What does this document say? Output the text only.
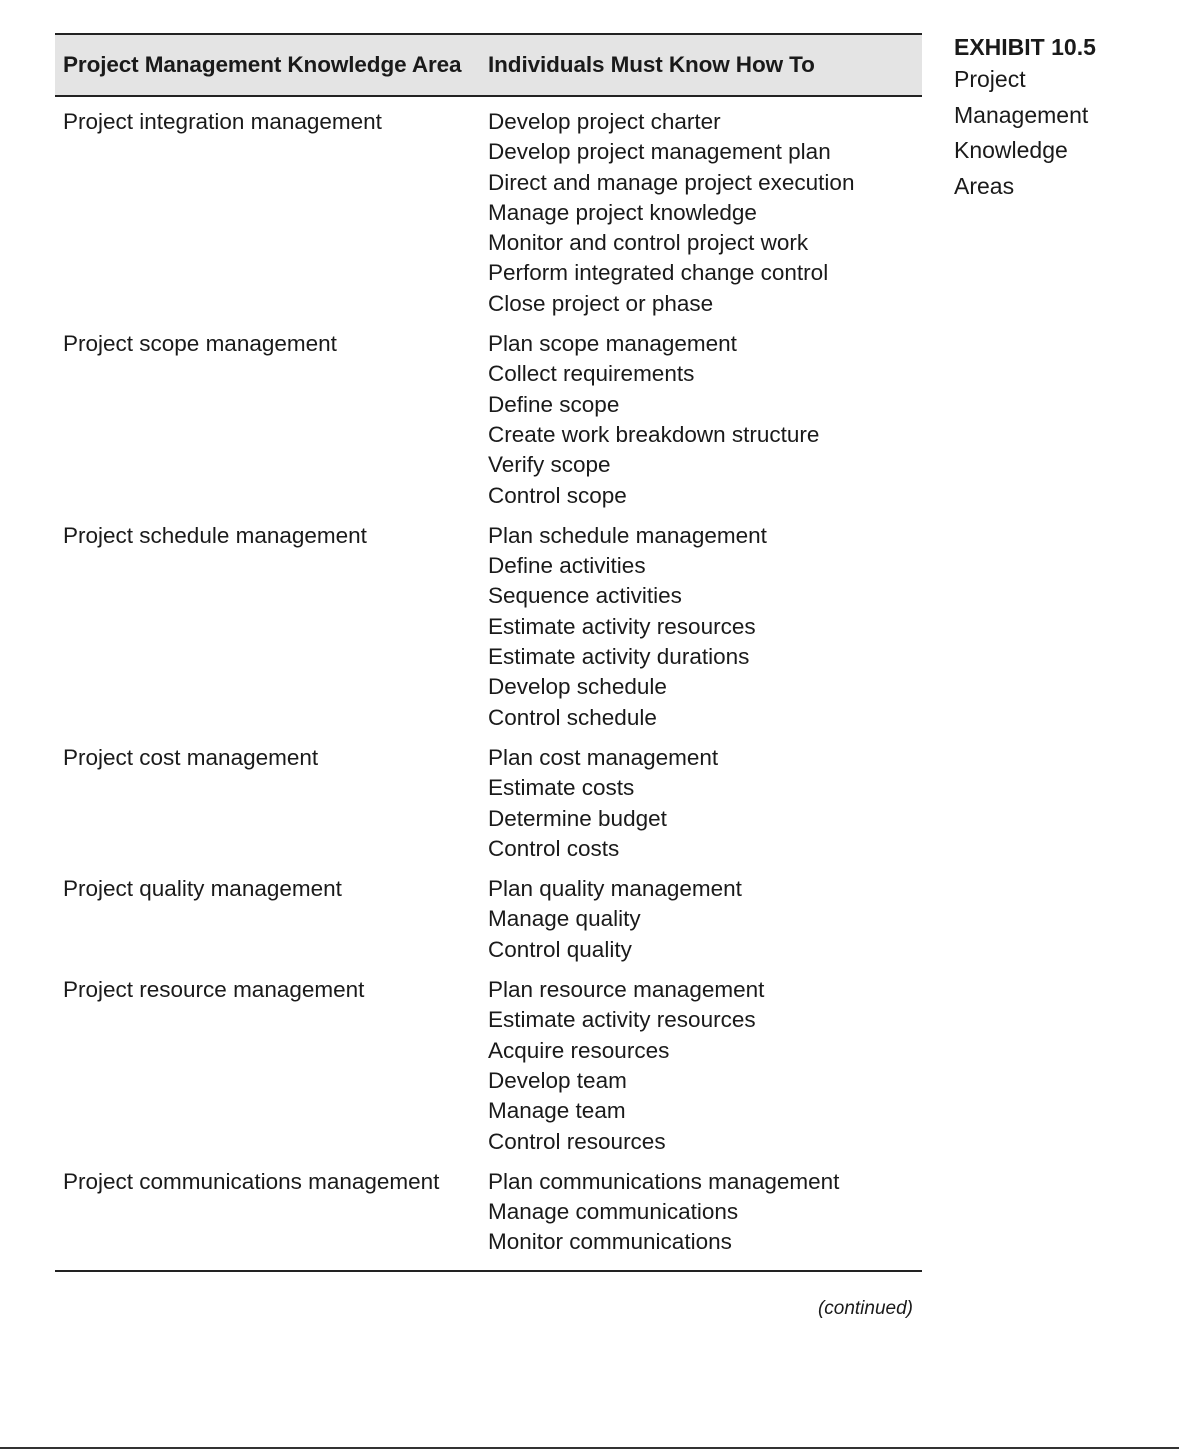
Project Management Knowledge Area	Individuals Must Know How To
Project integration management	Develop project charter
Develop project management plan
Direct and manage project execution
Manage project knowledge
Monitor and control project work
Perform integrated change control
Close project or phase
Project scope management	Plan scope management
Collect requirements
Define scope
Create work breakdown structure
Verify scope
Control scope
Project schedule management	Plan schedule management
Define activities
Sequence activities
Estimate activity resources
Estimate activity durations
Develop schedule
Control schedule
Project cost management	Plan cost management
Estimate costs
Determine budget
Control costs
Project quality management	Plan quality management
Manage quality
Control quality
Project resource management	Plan resource management
Estimate activity resources
Acquire resources
Develop team
Manage team
Control resources
Project communications management	Plan communications management
Manage communications
Monitor communications
(continued)
EXHIBIT 10.5
Project Management Knowledge Areas
